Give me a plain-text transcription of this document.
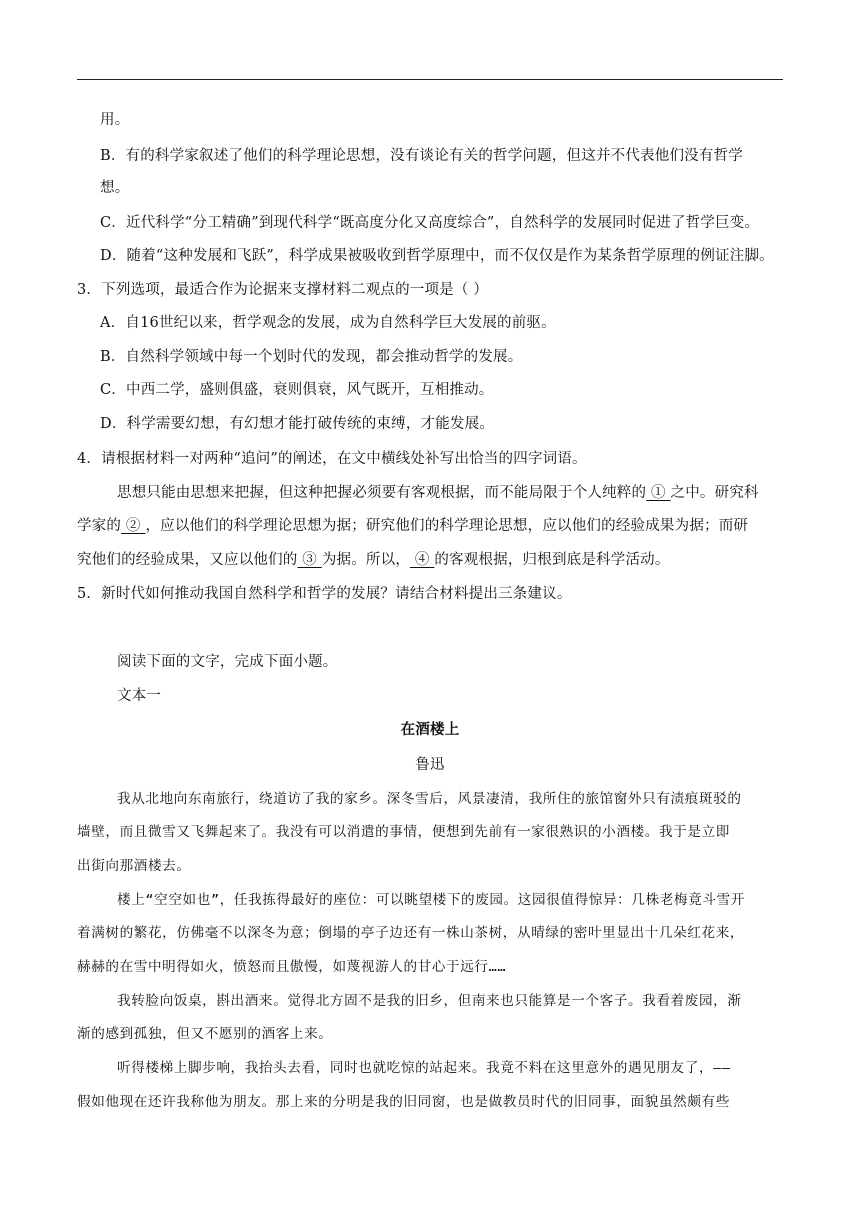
用。
B．有的科学家叙述了他们的科学理论思想，没有谈论有关的哲学问题，但这并不代表他们没有哲学
想。
C．近代科学“分工精确”到现代科学“既高度分化又高度综合”，自然科学的发展同时促进了哲学巨变。
D．随着“这种发展和飞跃”，科学成果被吸收到哲学原理中，而不仅仅是作为某条哲学原理的例证注脚。
3．下列选项，最适合作为论据来支撑材料二观点的一项是（ ）
A．自16世纪以来，哲学观念的发展，成为自然科学巨大发展的前驱。
B．自然科学领域中每一个划时代的发现，都会推动哲学的发展。
C．中西二学，盛则俱盛，衰则俱衰，风气既开，互相推动。
D．科学需要幻想，有幻想才能打破传统的束缚，才能发展。
4．请根据材料一对两种“追问”的阐述，在文中横线处补写出恰当的四字词语。
思想只能由思想来把握，但这种把握必须要有客观根据，而不能局限于个人纯粹的 ① 之中。研究科
学家的 ② ，应以他们的科学理论思想为据；研究他们的科学理论思想，应以他们的经验成果为据；而研
究他们的经验成果，又应以他们的 ③ 为据。所以， ④ 的客观根据，归根到底是科学活动。
5．新时代如何推动我国自然科学和哲学的发展？请结合材料提出三条建议。
阅读下面的文字，完成下面小题。
文本一
在酒楼上
鲁迅
我从北地向东南旅行，绕道访了我的家乡。深冬雪后，风景凄清，我所住的旅馆窗外只有渍痕斑驳的
墙壁，而且微雪又飞舞起来了。我没有可以消遣的事情，便想到先前有一家很熟识的小酒楼。我于是立即
出街向那酒楼去。
楼上“空空如也”，任我拣得最好的座位：可以眺望楼下的废园。这园很值得惊异：几株老梅竟斗雪开
着满树的繁花，仿佛毫不以深冬为意；倒塌的亭子边还有一株山茶树，从晴绿的密叶里显出十几朵红花来，
赫赫的在雪中明得如火，愤怒而且傲慢，如蔑视游人的甘心于远行……
我转脸向饭桌，斟出酒来。觉得北方固不是我的旧乡，但南来也只能算是一个客子。我看着废园，渐
渐的感到孤独，但又不愿别的酒客上来。
听得楼梯上脚步响，我抬头去看，同时也就吃惊的站起来。我竟不料在这里意外的遇见朋友了，——
假如他现在还许我称他为朋友。那上来的分明是我的旧同窗，也是做教员时代的旧同事，面貌虽然颇有些
